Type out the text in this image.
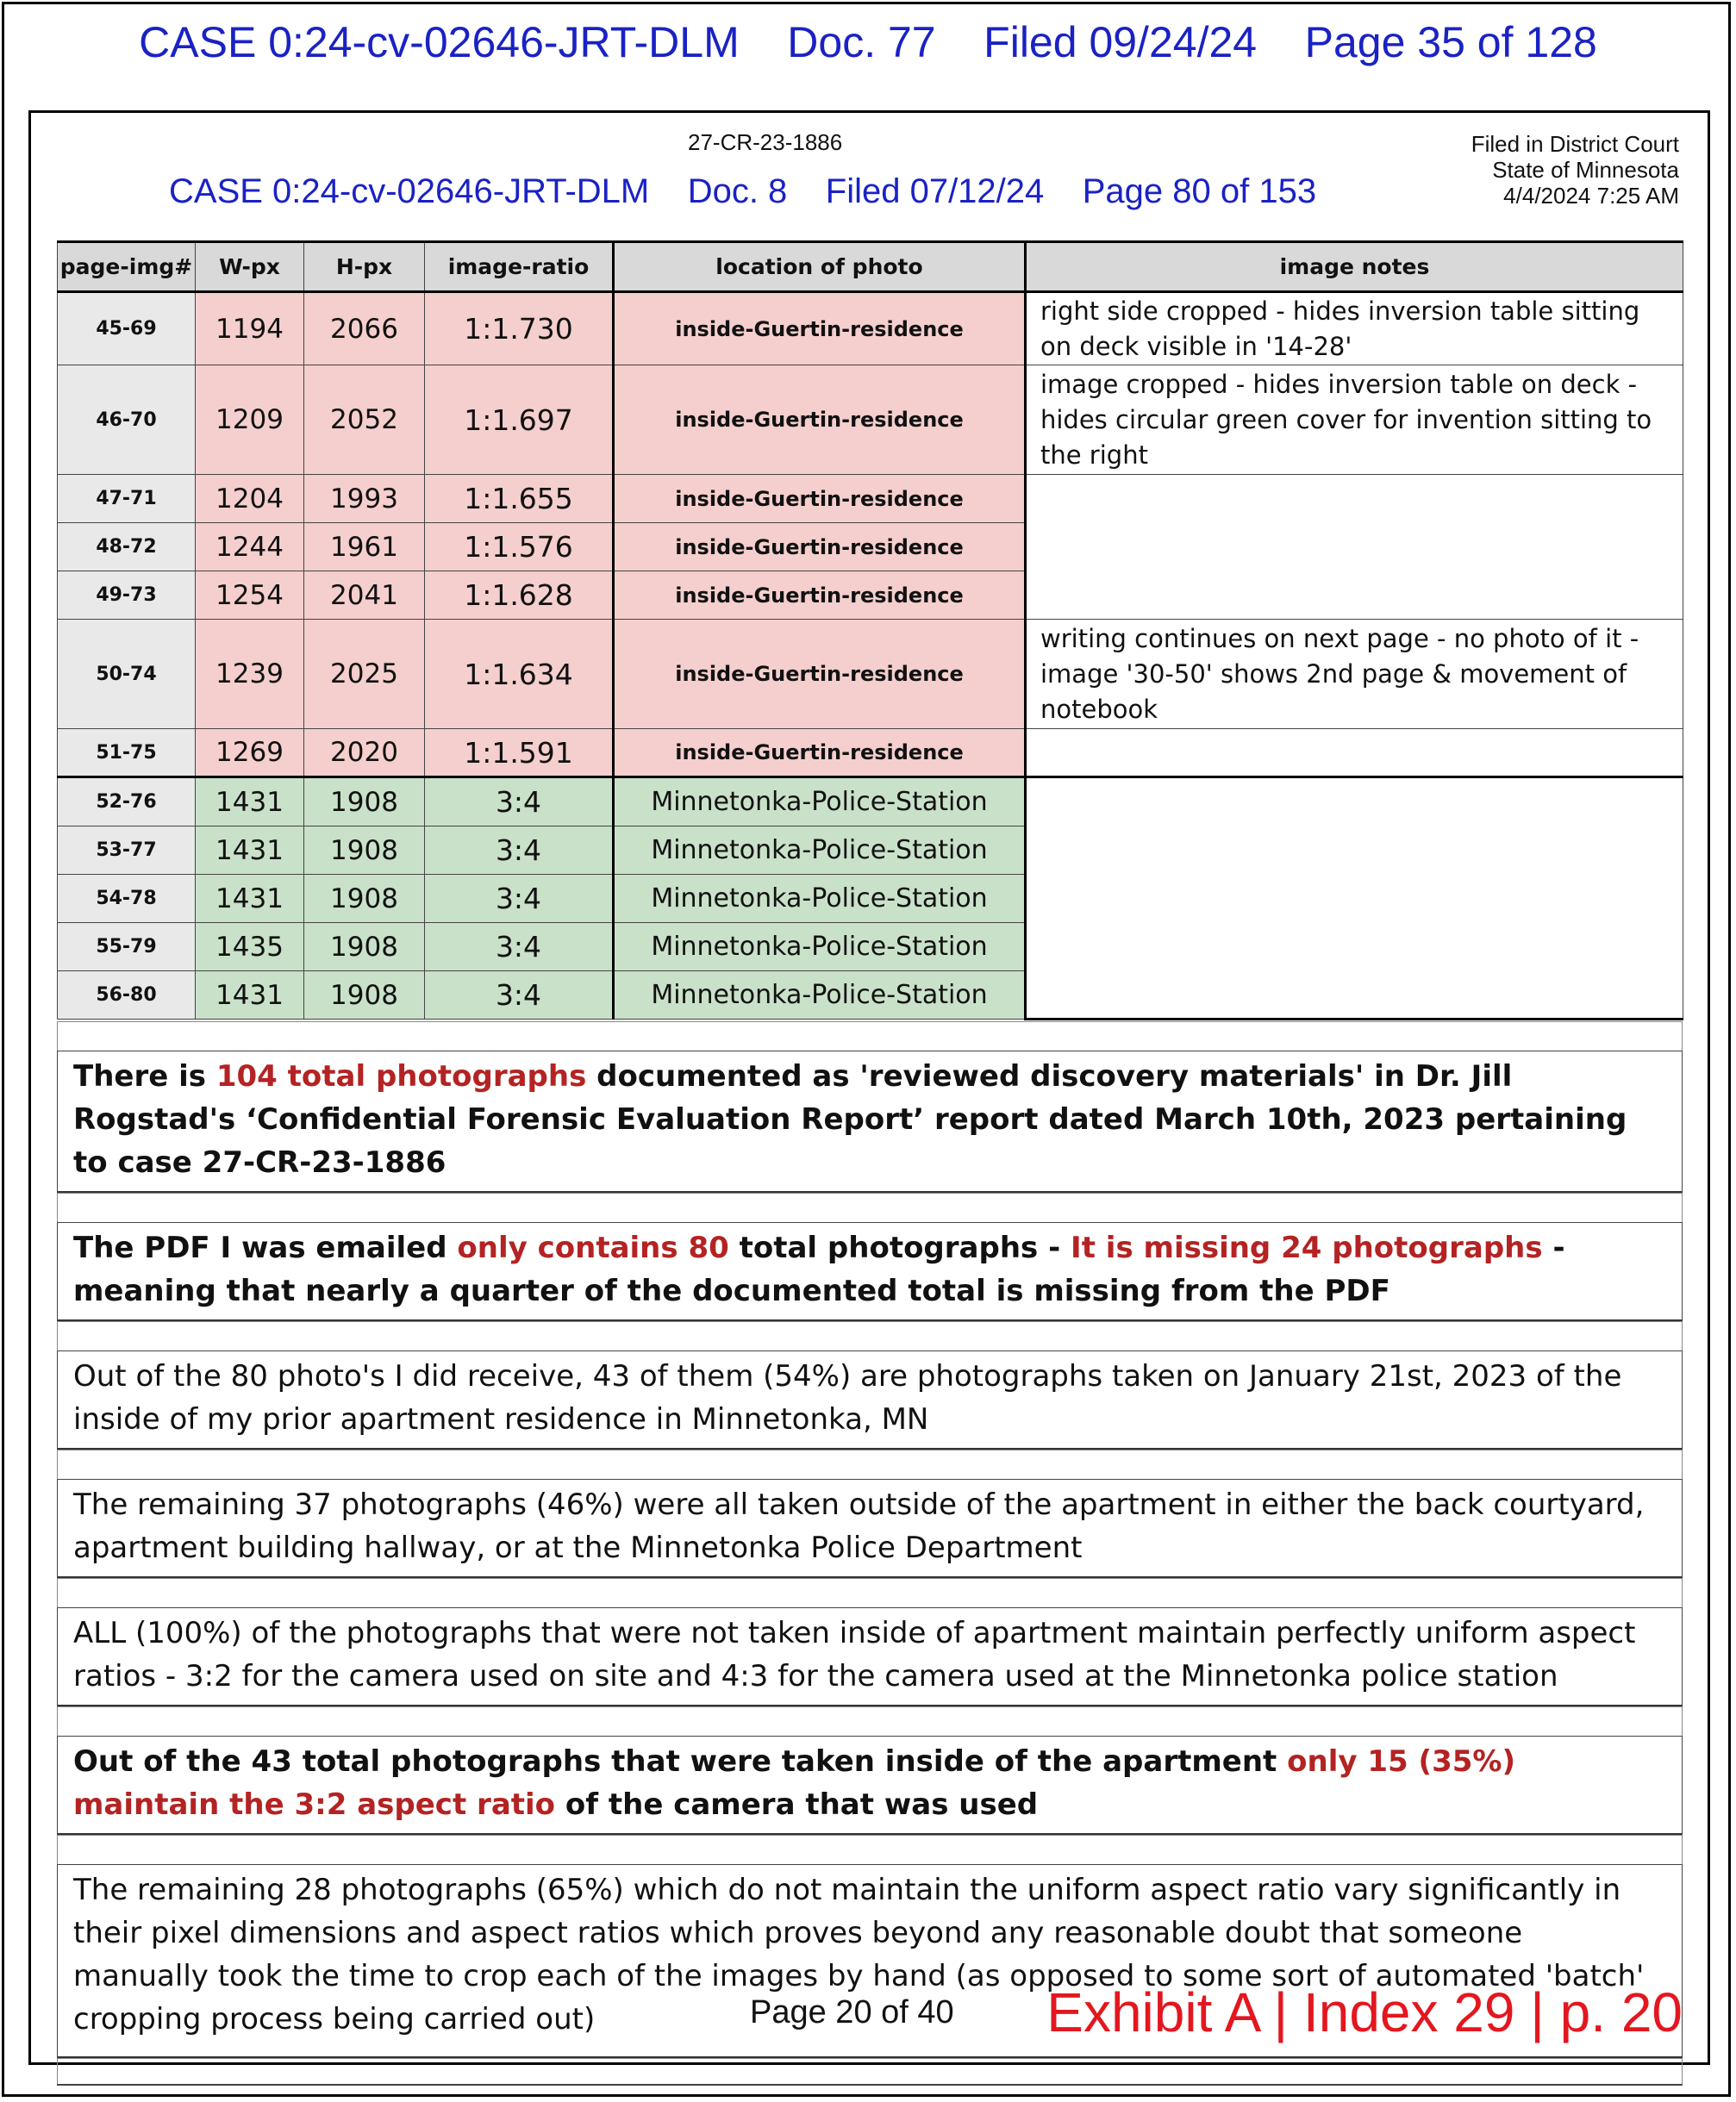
CASE 0:24-cv-02646-JRT-DLM    Doc. 77    Filed 09/24/24    Page 35 of 128
27-CR-23-1886	Filed in District Court
State of Minnesota
4/4/2024 7:25 AM
CASE 0:24-cv-02646-JRT-DLM    Doc. 8    Filed 07/12/24    Page 80 of 153
page-img#	W-px	H-px	image-ratio	location of photo	image notes
45-69	1194	2066	1:1.730	inside-Guertin-residence	right side cropped - hides inversion table sitting on deck visible in '14-28'
46-70	1209	2052	1:1.697	inside-Guertin-residence	image cropped - hides inversion table on deck - hides circular green cover for invention sitting to the right
47-71	1204	1993	1:1.655	inside-Guertin-residence	
48-72	1244	1961	1:1.576	inside-Guertin-residence	
49-73	1254	2041	1:1.628	inside-Guertin-residence	
50-74	1239	2025	1:1.634	inside-Guertin-residence	writing continues on next page - no photo of it - image '30-50' shows 2nd page & movement of notebook
51-75	1269	2020	1:1.591	inside-Guertin-residence	
52-76	1431	1908	3:4	Minnetonka-Police-Station	
53-77	1431	1908	3:4	Minnetonka-Police-Station	
54-78	1431	1908	3:4	Minnetonka-Police-Station	
55-79	1435	1908	3:4	Minnetonka-Police-Station	
56-80	1431	1908	3:4	Minnetonka-Police-Station	
There is 104 total photographs documented as 'reviewed discovery materials' in Dr. Jill Rogstad's ‘Confidential Forensic Evaluation Report’ report dated March 10th, 2023 pertaining to case 27-CR-23-1886
The PDF I was emailed only contains 80 total photographs - It is missing 24 photographs - meaning that nearly a quarter of the documented total is missing from the PDF
Out of the 80 photo's I did receive, 43 of them (54%) are photographs taken on January 21st, 2023 of the inside of my prior apartment residence in Minnetonka, MN
The remaining 37 photographs (46%) were all taken outside of the apartment in either the back courtyard, apartment building hallway, or at the Minnetonka Police Department
ALL (100%) of the photographs that were not taken inside of apartment maintain perfectly uniform aspect ratios - 3:2 for the camera used on site and 4:3 for the camera used at the Minnetonka police station
Out of the 43 total photographs that were taken inside of the apartment only 15 (35%) maintain the 3:2 aspect ratio of the camera that was used
The remaining 28 photographs (65%) which do not maintain the uniform aspect ratio vary significantly in their pixel dimensions and aspect ratios which proves beyond any reasonable doubt that someone manually took the time to crop each of the images by hand (as opposed to some sort of automated 'batch' cropping process being carried out)	Page 20 of 40 Exhibit A | Index 29 | p. 20
